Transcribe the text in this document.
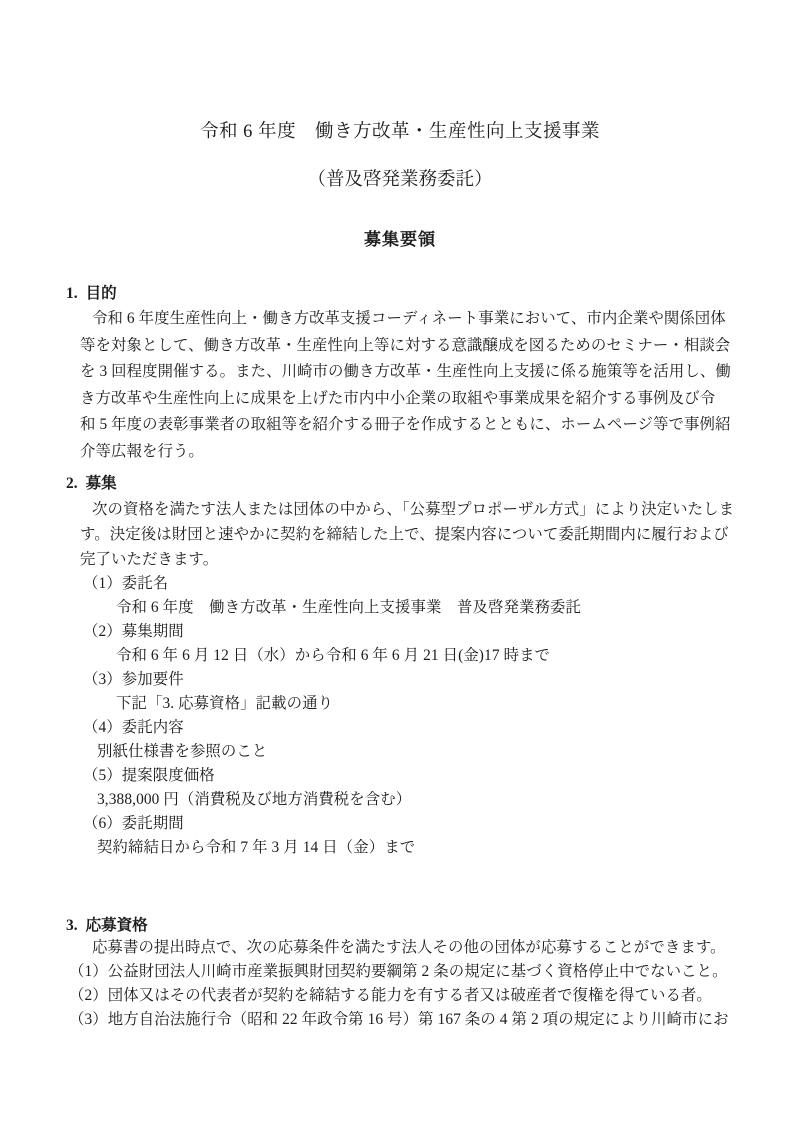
令和 6 年度　働き方改革・生産性向上支援事業
（普及啓発業務委託）
募集要領
1. 目的
令和 6 年度生産性向上・働き方改革支援コーディネート事業において、市内企業や関係団体
等を対象として、働き方改革・生産性向上等に対する意識醸成を図るためのセミナー・相談会
を 3 回程度開催する。また、川崎市の働き方改革・生産性向上支援に係る施策等を活用し、働
き方改革や生産性向上に成果を上げた市内中小企業の取組や事業成果を紹介する事例及び令
和 5 年度の表彰事業者の取組等を紹介する冊子を作成するとともに、ホームページ等で事例紹
介等広報を行う。
2. 募集
次の資格を満たす法人または団体の中から、「公募型プロポーザル方式」により決定いたしま
す。決定後は財団と速やかに契約を締結した上で、提案内容について委託期間内に履行および
完了いただきます。
（1）委託名
令和 6 年度　働き方改革・生産性向上支援事業　普及啓発業務委託
（2）募集期間
令和 6 年 6 月 12 日（水）から令和 6 年 6 月 21 日(金)17 時まで
（3）参加要件
下記「3. 応募資格」記載の通り
（4）委託内容
別紙仕様書を参照のこと
（5）提案限度価格
3,388,000 円（消費税及び地方消費税を含む）
（6）委託期間
契約締結日から令和 7 年 3 月 14 日（金）まで
3. 応募資格
応募書の提出時点で、次の応募条件を満たす法人その他の団体が応募することができます。
（1）公益財団法人川崎市産業振興財団契約要綱第 2 条の規定に基づく資格停止中でないこと。
（2）団体又はその代表者が契約を締結する能力を有する者又は破産者で復権を得ている者。
（3）地方自治法施行令（昭和 22 年政令第 16 号）第 167 条の 4 第 2 項の規定により川崎市にお
